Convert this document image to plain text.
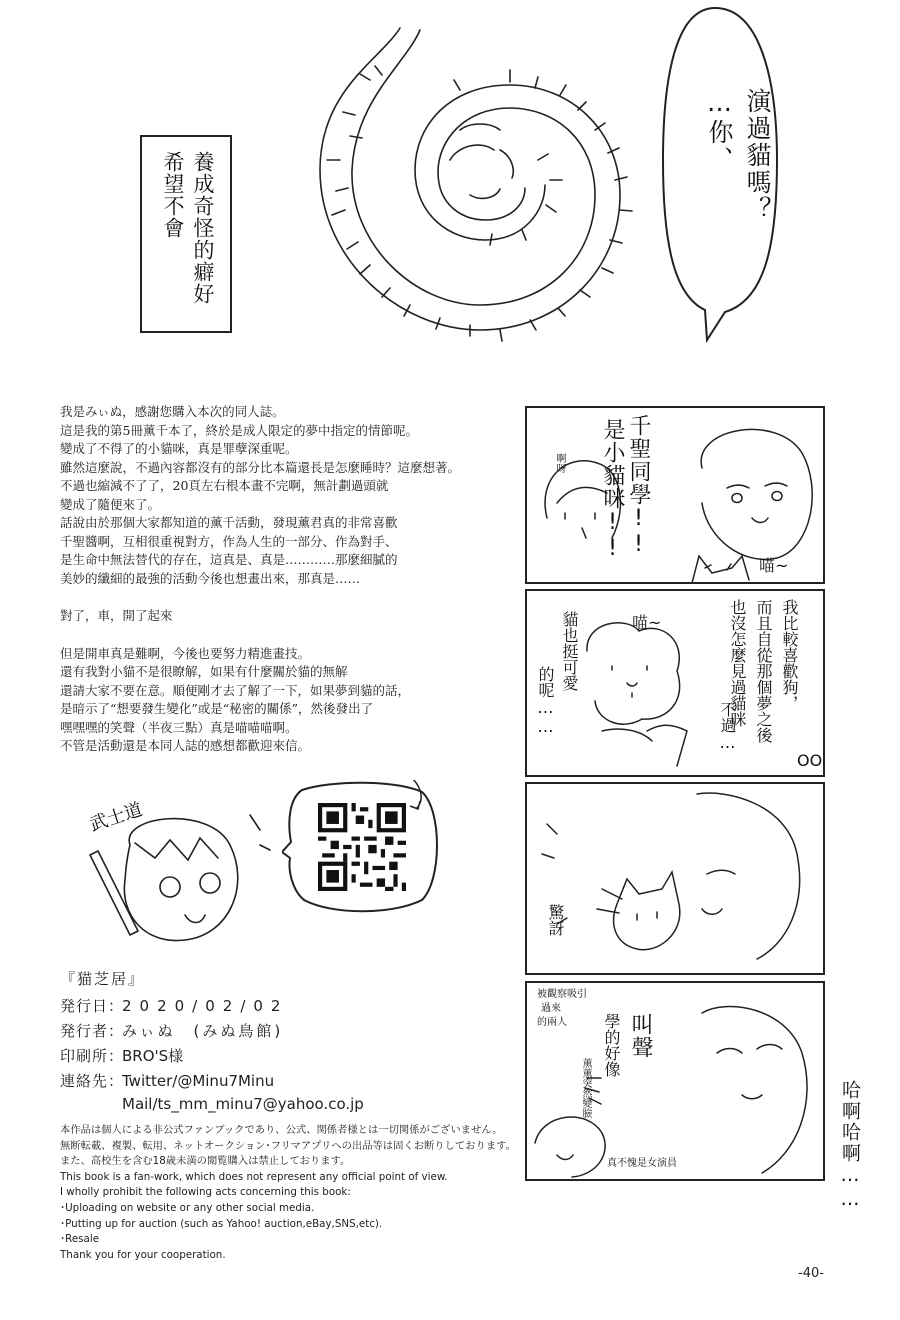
養成奇怪的癖好
希望不會	演過貓嗎？
…你、

我是みぃぬ，感謝您購入本次的同人誌。

這是我的第5冊薰千本了，終於是成人限定的夢中指定的情節呢。

變成了不得了的小貓咪，真是罪孽深重呢。

雖然這麼說，不過內容都沒有的部分比本篇還長是怎麼睡時？這麼想著。

不過也縮減不了了，20頁左右根本畫不完啊，無計劃過頭就

變成了隨便來了。

話說由於那個大家都知道的薰千活動，發現薰君真的非常喜歡

千聖醬啊，互相很重視對方，作為人生的一部分、作為對手、

是生命中無法替代的存在，這真是、真是…………那麼細膩的

美妙的纖細的最強的活動今後也想畫出來，那真是……

對了，車，開了起來

但是開車真是難啊，今後也要努力精進畫技。

還有我對小貓不是很瞭解，如果有什麼關於貓的無解

還請大家不要在意。順便剛才去了解了一下，如果夢到貓的話，

是暗示了“想要發生變化”或是“秘密的關係”，然後發出了

嘿嘿嘿的笑聲（半夜三點）真是喵喵喵啊。

不管是活動還是本同人誌的感想都歡迎來信。

啊呀	千聖同學!!
是小貓咪!!
喵~
喵~	我比較喜歡狗，
而且自從那個夢之後
也沒怎麼見過貓咪
不過…
貓也挺可愛
的呢……
OO
驚訝
被觀察吸引
過來
的兩人	叫聲
學的好像
薰薰突然變臉
真不愧是女演員	哈啊哈啊……
武士道
『猫芝居』
発行日：2020/02/02
発行者：みぃぬ　(みぬ鳥館)
印刷所：BRO'S様
連絡先：Twitter/@Minu7Minu
Mail/ts_mm_minu7@yahoo.co.jp

本作品は個人による非公式ファンブックであり、公式、関係者様とは一切関係がございません。

無断転載、複製、転用、ネットオークション･フリマアプリへの出品等は固くお断りしております。

また、高校生を含む18歳未満の閲覧購入は禁止しております。

This book is a fan-work, which does not represent any official point of view.

I wholly prohibit the following acts concerning this book:

･Uploading on website or any other social media.

･Putting up for auction (such as Yahoo! auction,eBay,SNS,etc).

･Resale

Thank you for your cooperation.

-40-
